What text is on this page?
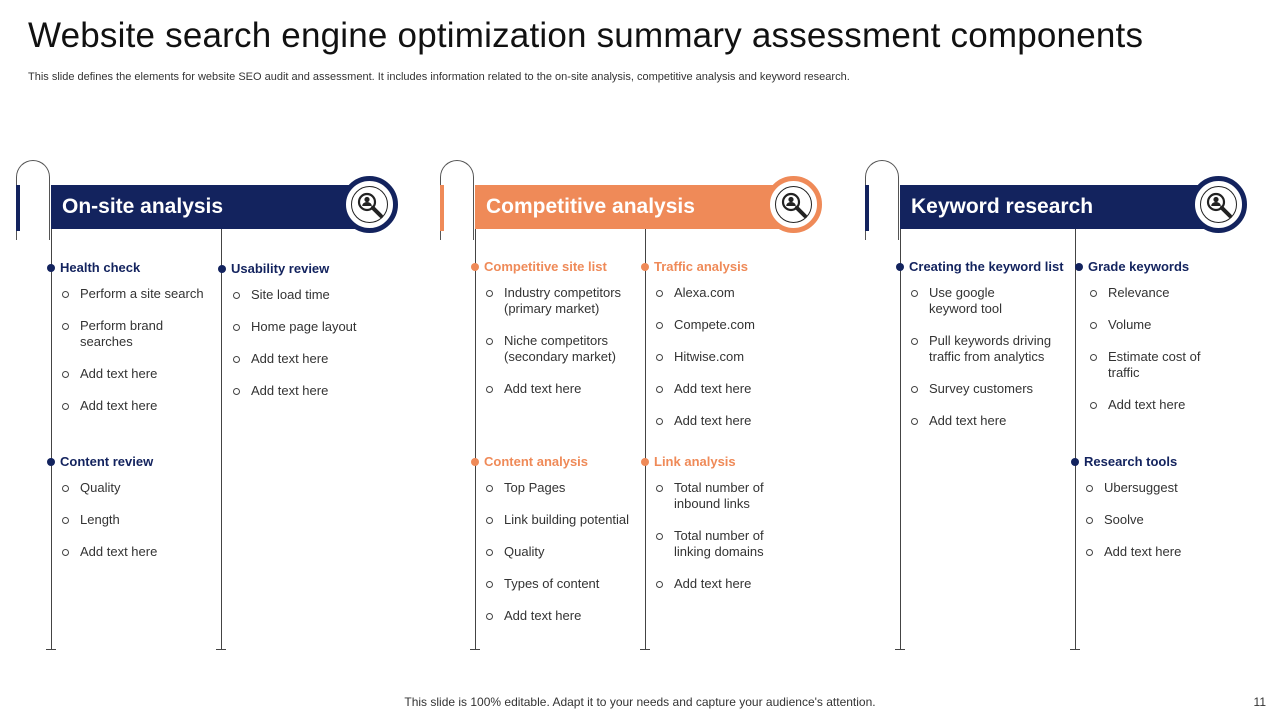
Website search engine optimization summary assessment components
This slide defines the elements for website SEO audit and assessment. It includes information related to the on-site analysis, competitive analysis and keyword research.
On-site analysis
Health check
Perform a site search
Perform brand searches
Add text here
Add text here
Usability review
Site load time
Home page layout
Add text here
Add text here
Content review
Quality
Length
Add text here
Competitive analysis
Competitive site list
Industry competitors (primary market)
Niche competitors (secondary market)
Add text here
Traffic analysis
Alexa.com
Compete.com
Hitwise.com
Add text here
Add text here
Content analysis
Top Pages
Link building potential
Quality
Types of content
Add text here
Link analysis
Total number of inbound links
Total number of linking domains
Add text here
Keyword research
Creating the keyword list
Use google keyword tool
Pull keywords driving traffic from analytics
Survey customers
Add text here
Grade keywords
Relevance
Volume
Estimate cost of traffic
Add text here
Research tools
Ubersuggest
Soolve
Add text here
This slide is 100% editable. Adapt it to your needs and capture your audience's attention.	11
